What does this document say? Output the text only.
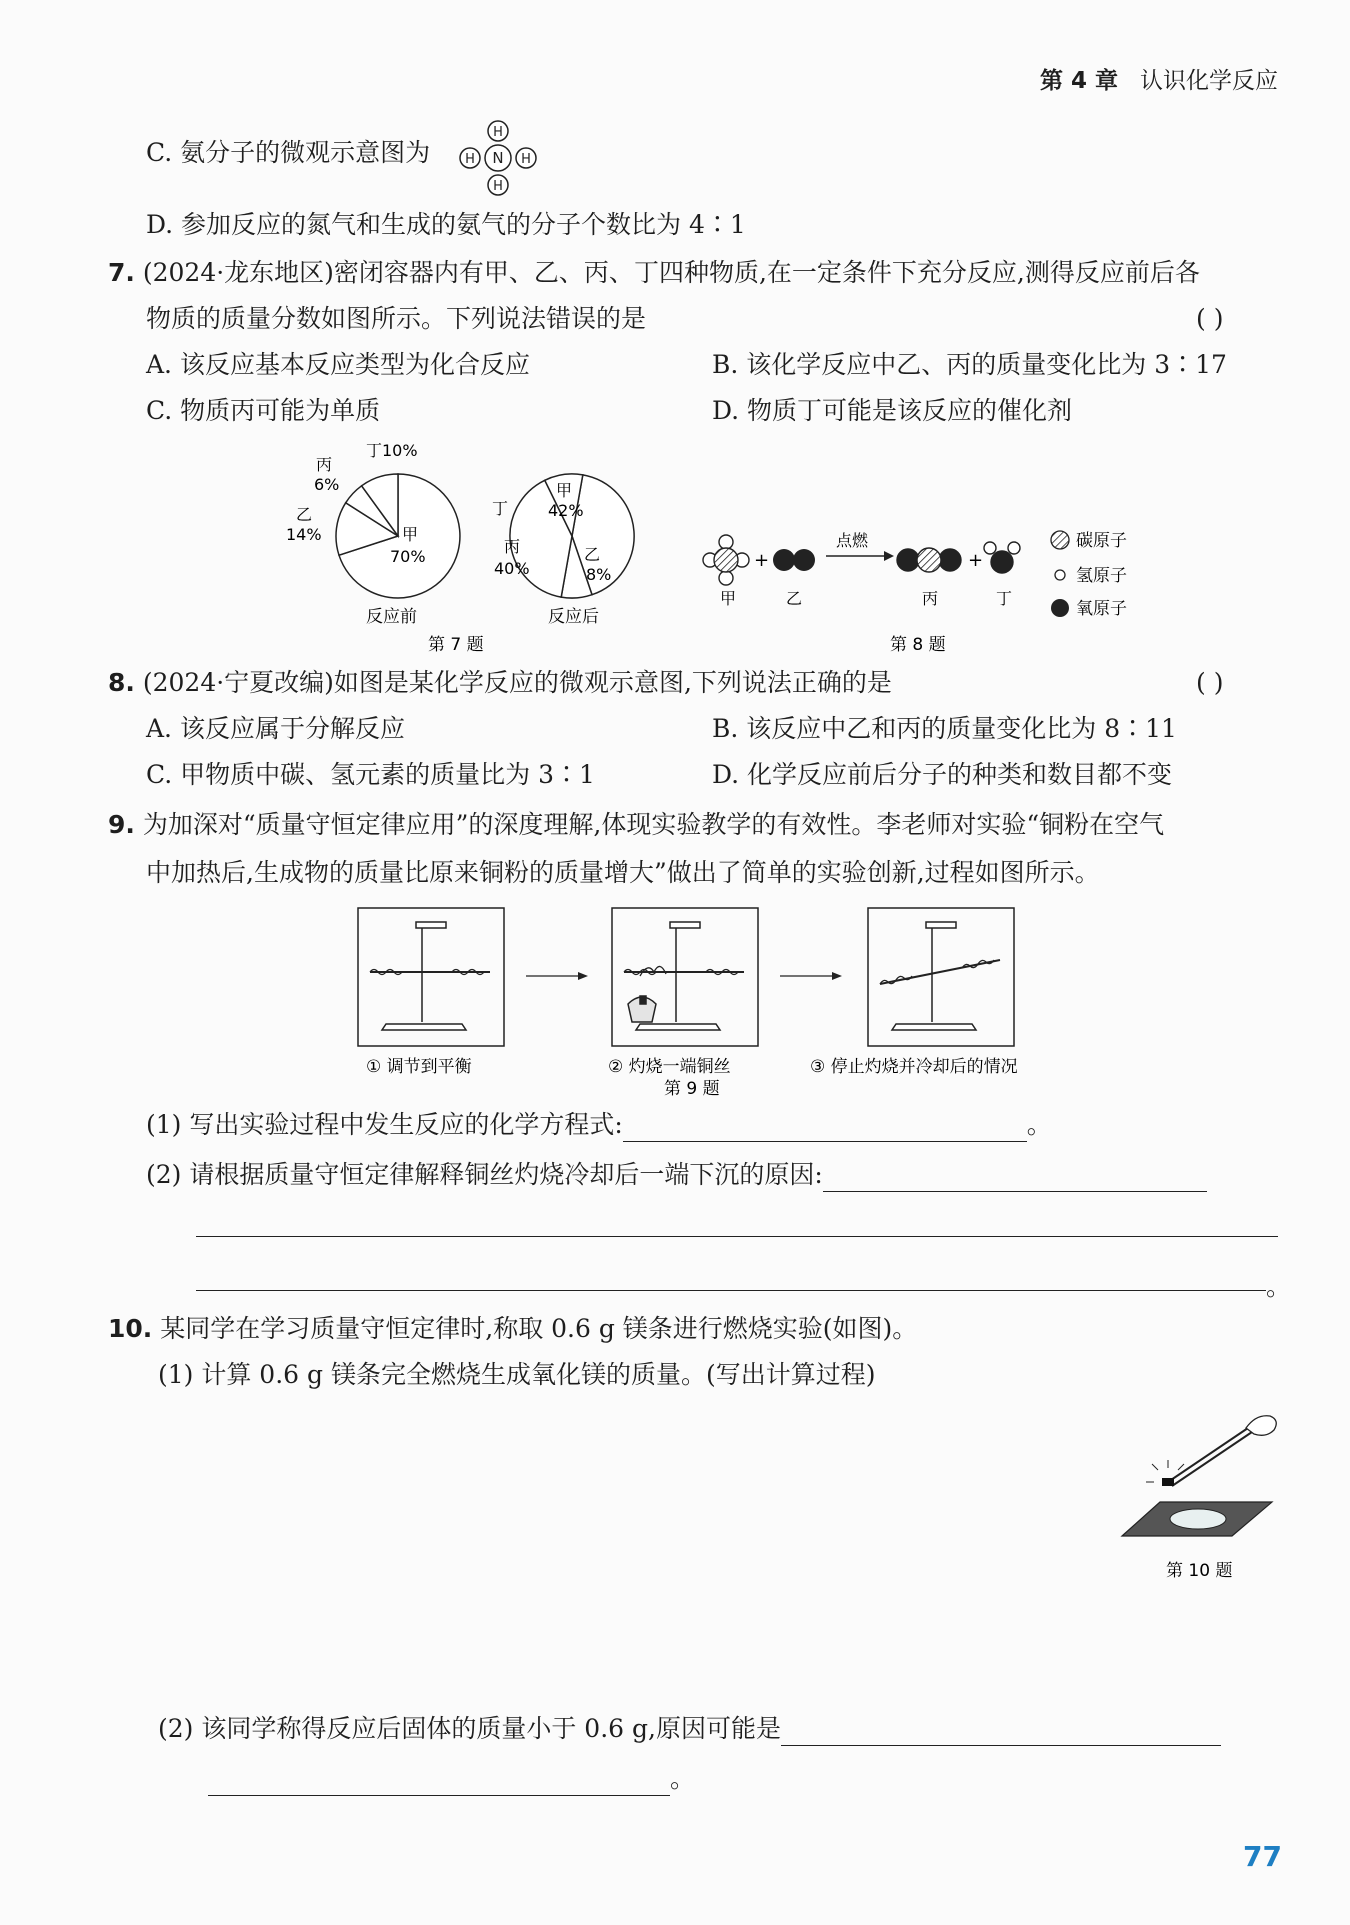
第 4 章 认识化学反应
C. 氨分子的微观示意图为	N
H
H
H	H
D. 参加反应的氮气和生成的氨气的分子个数比为 4∶1
7. (2024·龙东地区)密闭容器内有甲、乙、丙、丁四种物质,在一定条件下充分反应,测得反应前后各
物质的质量分数如图所示。下列说法错误的是	( )
A. 该反应基本反应类型为化合反应	B. 该化学反应中乙、丙的质量变化比为 3∶17
C. 物质丙可能为单质	D. 物质丁可能是该反应的催化剂
丁10%
丙
6%
乙
14%	甲
70%
反应前
甲
42%
丁
丙
40%
乙
8%
反应后
第 7 题
+
点燃
+
甲	乙	丙	丁
碳原子
氢原子
氧原子
第 8 题
8. (2024·宁夏改编)如图是某化学反应的微观示意图,下列说法正确的是	( )
A. 该反应属于分解反应	B. 该反应中乙和丙的质量变化比为 8∶11
C. 甲物质中碳、氢元素的质量比为 3∶1	D. 化学反应前后分子的种类和数目都不变
9. 为加深对“质量守恒定律应用”的深度理解,体现实验教学的有效性。李老师对实验“铜粉在空气
中加热后,生成物的质量比原来铜粉的质量增大”做出了简单的实验创新,过程如图所示。
① 调节到平衡	② 灼烧一端铜丝	③ 停止灼烧并冷却后的情况
第 9 题
(1) 写出实验过程中发生反应的化学方程式:	。
(2) 请根据质量守恒定律解释铜丝灼烧冷却后一端下沉的原因:
。
10. 某同学在学习质量守恒定律时,称取 0.6 g 镁条进行燃烧实验(如图)。
(1) 计算 0.6 g 镁条完全燃烧生成氧化镁的质量。(写出计算过程)
第 10 题
(2) 该同学称得反应后固体的质量小于 0.6 g,原因可能是
。
77
